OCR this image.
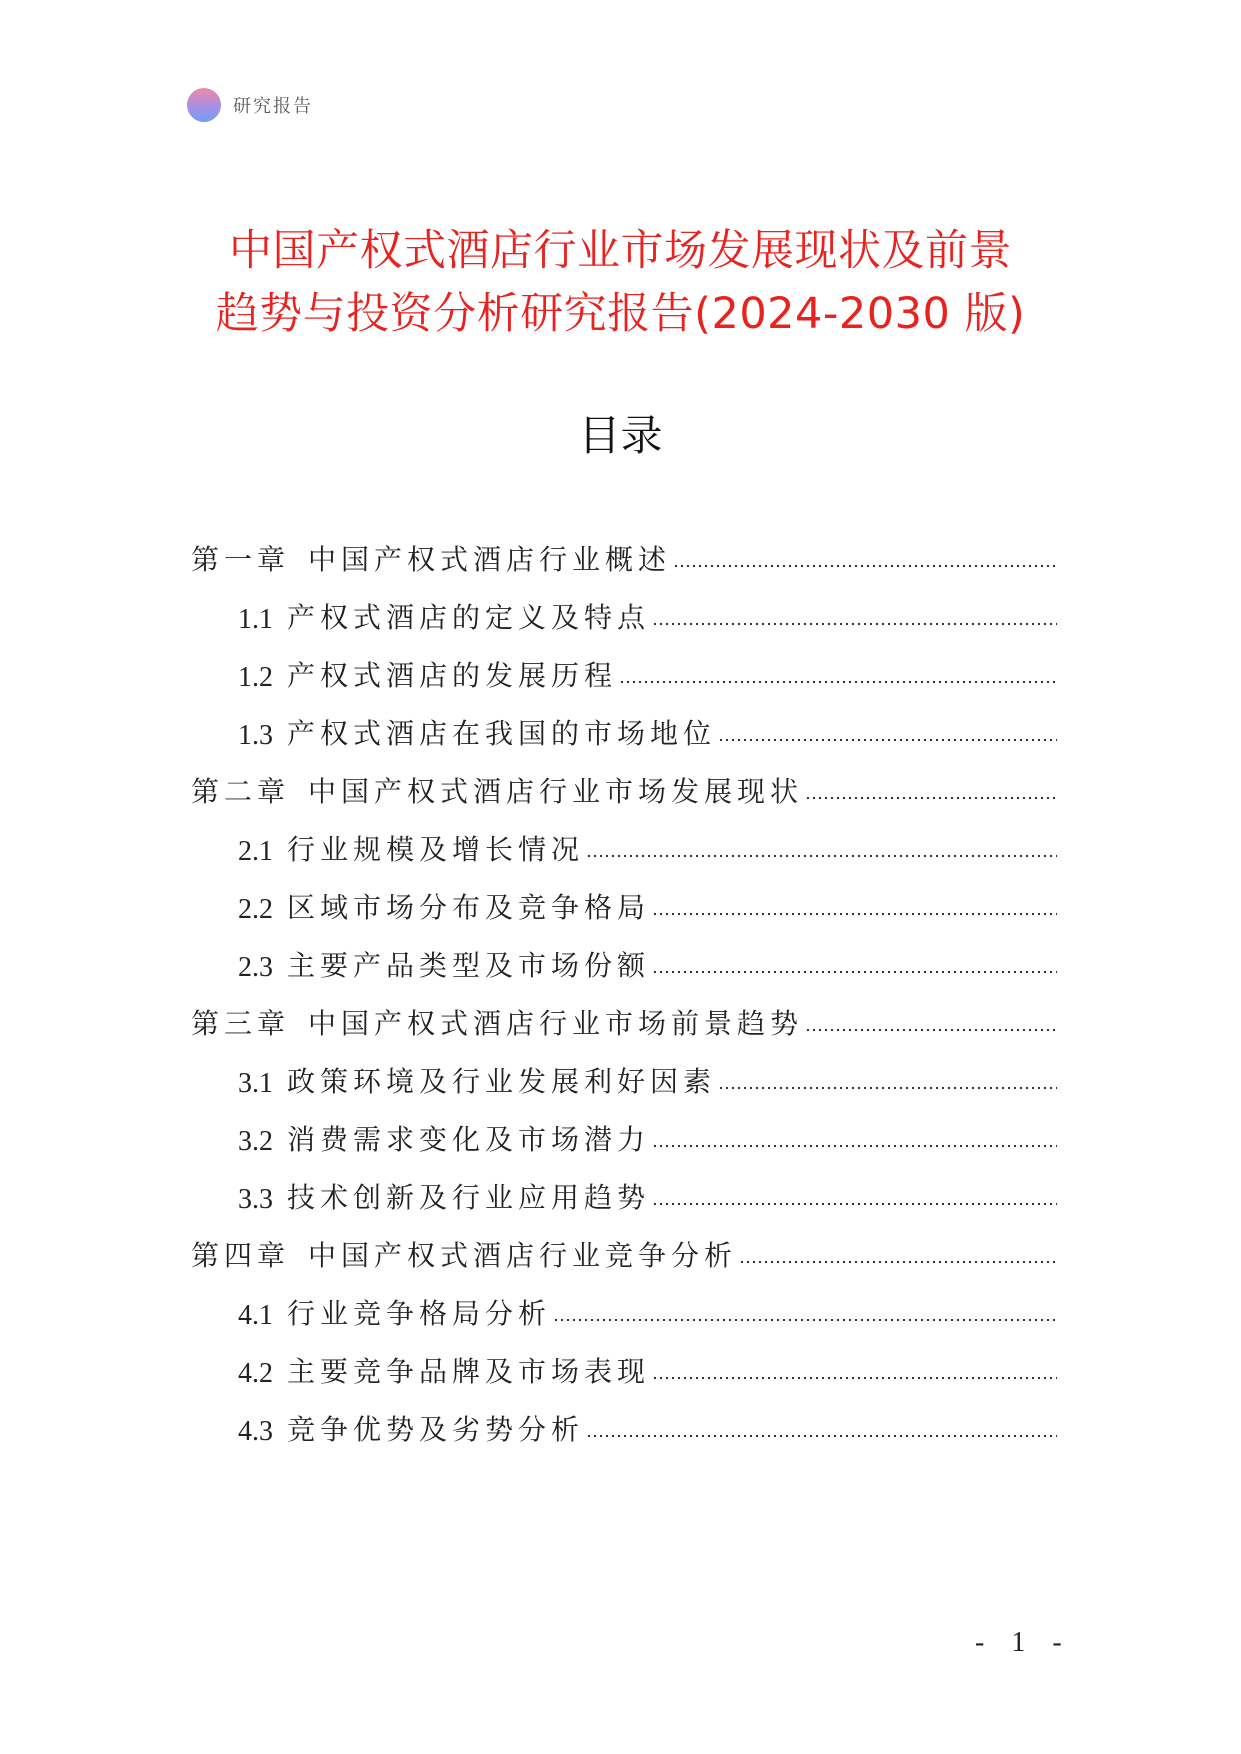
研究报告
中国产权式酒店行业市场发展现状及前景
趋势与投资分析研究报告(2024-2030 版)
目录
第一章 中国产权式酒店行业概述
1.1 产权式酒店的定义及特点
1.2 产权式酒店的发展历程
1.3 产权式酒店在我国的市场地位
第二章 中国产权式酒店行业市场发展现状
2.1 行业规模及增长情况
2.2 区域市场分布及竞争格局
2.3 主要产品类型及市场份额
第三章 中国产权式酒店行业市场前景趋势
3.1 政策环境及行业发展利好因素
3.2 消费需求变化及市场潜力
3.3 技术创新及行业应用趋势
第四章 中国产权式酒店行业竞争分析
4.1 行业竞争格局分析
4.2 主要竞争品牌及市场表现
4.3 竞争优势及劣势分析
- 1 -
